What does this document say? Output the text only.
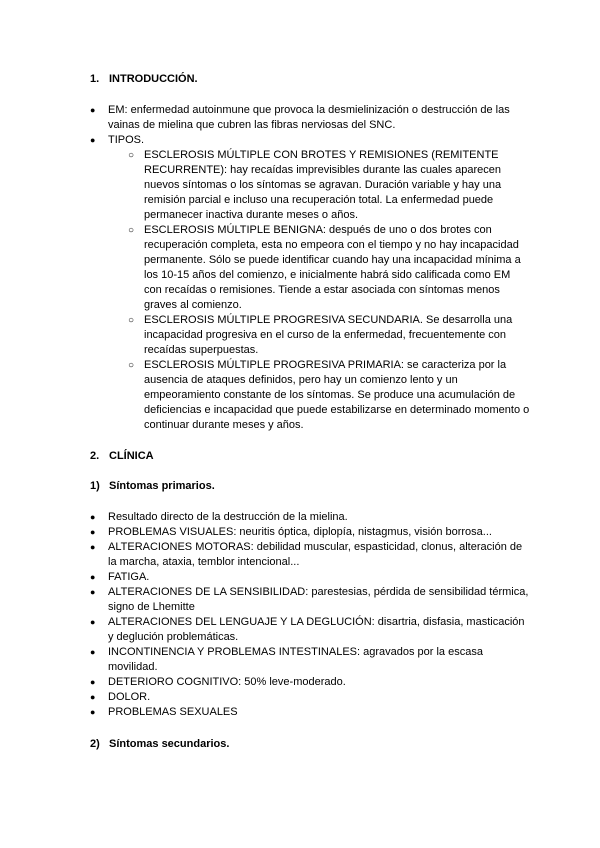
1. INTRODUCCIÓN.
● EM: enfermedad autoinmune que provoca la desmielinización o destrucción de las vainas de mielina que cubren las fibras nerviosas del SNC.
● TIPOS.
○ ESCLEROSIS MÚLTIPLE CON BROTES Y REMISIONES (REMITENTE RECURRENTE): hay recaídas imprevisibles durante las cuales aparecen nuevos síntomas o los síntomas se agravan. Duración variable y hay una remisión parcial e incluso una recuperación total. La enfermedad puede permanecer inactiva durante meses o años.
○ ESCLEROSIS MÚLTIPLE BENIGNA: después de uno o dos brotes con recuperación completa, esta no empeora con el tiempo y no hay incapacidad permanente. Sólo se puede identificar cuando hay una incapacidad mínima a los 10-15 años del comienzo, e inicialmente habrá sido calificada como EM con recaídas o remisiones. Tiende a estar asociada con síntomas menos graves al comienzo.
○ ESCLEROSIS MÚLTIPLE PROGRESIVA SECUNDARIA. Se desarrolla una incapacidad progresiva en el curso de la enfermedad, frecuentemente con recaídas superpuestas.
○ ESCLEROSIS MÚLTIPLE PROGRESIVA PRIMARIA: se caracteriza por la ausencia de ataques definidos, pero hay un comienzo lento y un empeoramiento constante de los síntomas. Se produce una acumulación de deficiencias e incapacidad que puede estabilizarse en determinado momento o continuar durante meses y años.
2. CLÍNICA
1) Síntomas primarios.
● Resultado directo de la destrucción de la mielina.
● PROBLEMAS VISUALES: neuritis óptica, diplopía, nistagmus, visión borrosa...
● ALTERACIONES MOTORAS: debilidad muscular, espasticidad, clonus, alteración de la marcha, ataxia, temblor intencional...
● FATIGA.
● ALTERACIONES DE LA SENSIBILIDAD: parestesias, pérdida de sensibilidad térmica, signo de Lhemitte
● ALTERACIONES DEL LENGUAJE Y LA DEGLUCIÓN: disartria, disfasia, masticación y deglución problemáticas.
● INCONTINENCIA Y PROBLEMAS INTESTINALES: agravados por la escasa movilidad.
● DETERIORO COGNITIVO: 50% leve-moderado.
● DOLOR.
● PROBLEMAS SEXUALES
2) Síntomas secundarios.
